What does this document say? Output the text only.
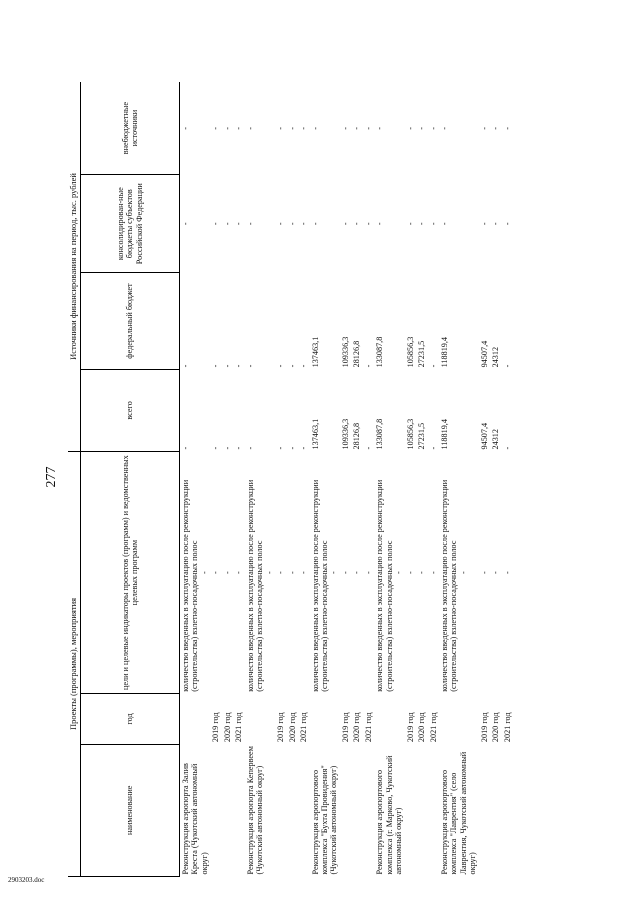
277
Проекты (программы), мероприятия			Источники финансирования на период, тыс. рублей			
наименование	год	цели и целевые индикаторы проектов (программ) и ведомственных целевых программ	всего	федеральный бюджет	консолидирован-ные бюджеты субъектов Российской Федерации	внебюджетные источники
Реконструкция аэропорта Залив Креста (Чукотский автономный округ)		количество введенных в эксплуатацию после реконструкции (строительства) взлетно-посадочных полос -	-	-	-	-
	2019 год	-	-	-	-	-
	2020 год	-	-	-	-	-
	2021 год	-	-	-	-	-
Реконструкция аэропорта Кепервеем (Чукотский автономный округ)		количество введенных в эксплуатацию после реконструкции (строительства) взлетно-посадочных полос -	-	-	-	-
	2019 год	-	-	-	-	-
	2020 год	-	-	-	-	-
	2021 год	-	-	-	-	-
Реконструкция аэропортового комплекса "Бухта Провидения" (Чукотский автономный округ)		количество введенных в эксплуатацию после реконструкции (строительства) взлетно-посадочных полос -	137463,1	137463,1	-	-
	2019 год	-	109336,3	109336,3	-	-
	2020 год	-	28126,8	28126,8	-	-
	2021 год	-	-	-	-	-
Реконструкция аэропортового комплекса (г. Марково, Чукотский автономный округ)		количество введенных в эксплуатацию после реконструкции (строительства) взлетно-посадочных полос -	133087,8	133087,8	-	-
	2019 год	-	105856,3	105856,3	-	-
	2020 год	-	27231,5	27231,5	-	-
	2021 год	-	-	-	-	-
Реконструкция аэропортового комплекса "Лаврентия" (село Лаврентия, Чукотский автономный округ)		количество введенных в эксплуатацию после реконструкции (строительства) взлетно-посадочных полос -	118819,4	118819,4	-	-
	2019 год	-	94507,4	94507,4	-	-
	2020 год	-	24312	24312	-	-
	2021 год	-	-	-	-	-
2903203.doc
